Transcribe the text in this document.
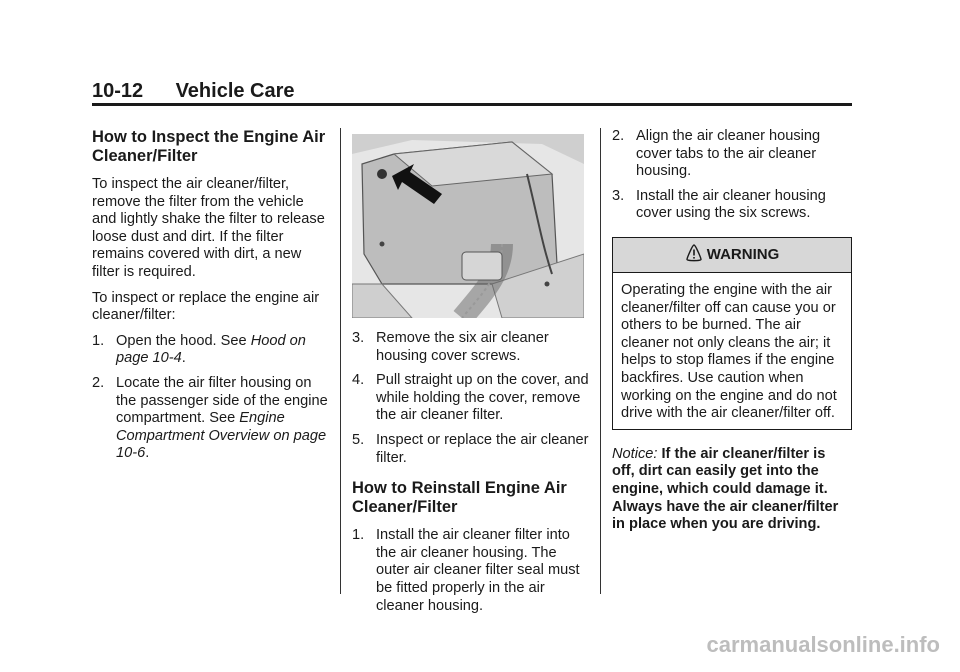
10-12 Vehicle Care
How to Inspect the Engine Air Cleaner/Filter

To inspect the air cleaner/filter, remove the filter from the vehicle and lightly shake the filter to release loose dust and dirt. If the filter remains covered with dirt, a new filter is required.

To inspect or replace the engine air cleaner/filter:

1. Open the hood. See Hood on page 10-4.
2. Locate the air filter housing on the passenger side of the engine compartment. See Engine Compartment Overview on page 10-6.
3. Remove the six air cleaner housing cover screws.
4. Pull straight up on the cover, and while holding the cover, remove the air cleaner filter.
5. Inspect or replace the air cleaner filter.
How to Reinstall Engine Air Cleaner/Filter
1. Install the air cleaner filter into the air cleaner housing. The outer air cleaner filter seal must be fitted properly in the air cleaner housing.
2. Align the air cleaner housing cover tabs to the air cleaner housing.
3. Install the air cleaner housing cover using the six screws.
WARNING
Operating the engine with the air cleaner/filter off can cause you or others to be burned. The air cleaner not only cleans the air; it helps to stop flames if the engine backfires. Use caution when working on the engine and do not drive with the air cleaner/filter off.

Notice: If the air cleaner/filter is off, dirt can easily get into the engine, which could damage it. Always have the air cleaner/filter in place when you are driving.

carmanualsonline.info
